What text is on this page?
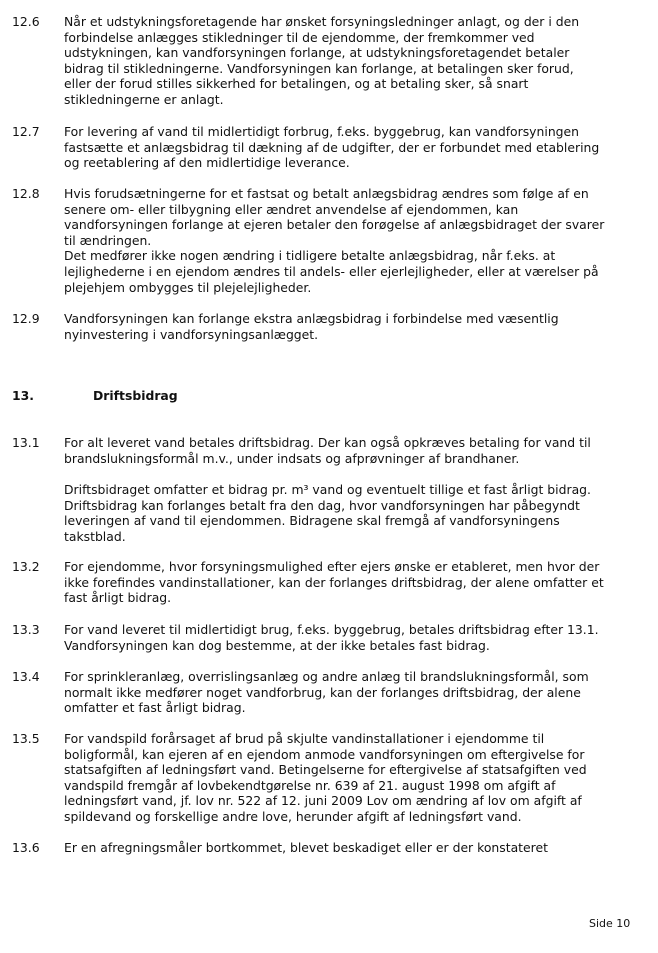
12.6 Når et udstykningsforetagende har ønsket forsyningsledninger anlagt, og der i den
forbindelse anlægges stikledninger til de ejendomme, der fremkommer ved
udstykningen, kan vandforsyningen forlange, at udstykningsforetagendet betaler
bidrag til stikledningerne. Vandforsyningen kan forlange, at betalingen sker forud,
eller der forud stilles sikkerhed for betalingen, og at betaling sker, så snart
stikledningerne er anlagt.
12.7 For levering af vand til midlertidigt forbrug, f.eks. byggebrug, kan vandforsyningen
fastsætte et anlægsbidrag til dækning af de udgifter, der er forbundet med etablering
og reetablering af den midlertidige leverance.
12.8 Hvis forudsætningerne for et fastsat og betalt anlægsbidrag ændres som følge af en
senere om- eller tilbygning eller ændret anvendelse af ejendommen, kan
vandforsyningen forlange at ejeren betaler den forøgelse af anlægsbidraget der svarer
til ændringen.
Det medfører ikke nogen ændring i tidligere betalte anlægsbidrag, når f.eks. at
lejlighederne i en ejendom ændres til andels- eller ejerlejligheder, eller at værelser på
plejehjem ombygges til plejelejligheder.
12.9 Vandforsyningen kan forlange ekstra anlægsbidrag i forbindelse med væsentlig
nyinvestering i vandforsyningsanlægget.
13.	Driftsbidrag
13.1 For alt leveret vand betales driftsbidrag. Der kan også opkræves betaling for vand til
brandslukningsformål m.v., under indsats og afprøvninger af brandhaner.
Driftsbidraget omfatter et bidrag pr. m³ vand og eventuelt tillige et fast årligt bidrag.
Driftsbidrag kan forlanges betalt fra den dag, hvor vandforsyningen har påbegyndt
leveringen af vand til ejendommen. Bidragene skal fremgå af vandforsyningens
takstblad.
13.2 For ejendomme, hvor forsyningsmulighed efter ejers ønske er etableret, men hvor der
ikke forefindes vandinstallationer, kan der forlanges driftsbidrag, der alene omfatter et
fast årligt bidrag.
13.3 For vand leveret til midlertidigt brug, f.eks. byggebrug, betales driftsbidrag efter 13.1.
Vandforsyningen kan dog bestemme, at der ikke betales fast bidrag.
13.4 For sprinkleranlæg, overrislingsanlæg og andre anlæg til brandslukningsformål, som
normalt ikke medfører noget vandforbrug, kan der forlanges driftsbidrag, der alene
omfatter et fast årligt bidrag.
13.5 For vandspild forårsaget af brud på skjulte vandinstallationer i ejendomme til
boligformål, kan ejeren af en ejendom anmode vandforsyningen om eftergivelse for
statsafgiften af ledningsført vand. Betingelserne for eftergivelse af statsafgiften ved
vandspild fremgår af lovbekendtgørelse nr. 639 af 21. august 1998 om afgift af
ledningsført vand, jf. lov nr. 522 af 12. juni 2009 Lov om ændring af lov om afgift af
spildevand og forskellige andre love, herunder afgift af ledningsført vand.
13.6 Er en afregningsmåler bortkommet, blevet beskadiget eller er der konstateret
Side 10
